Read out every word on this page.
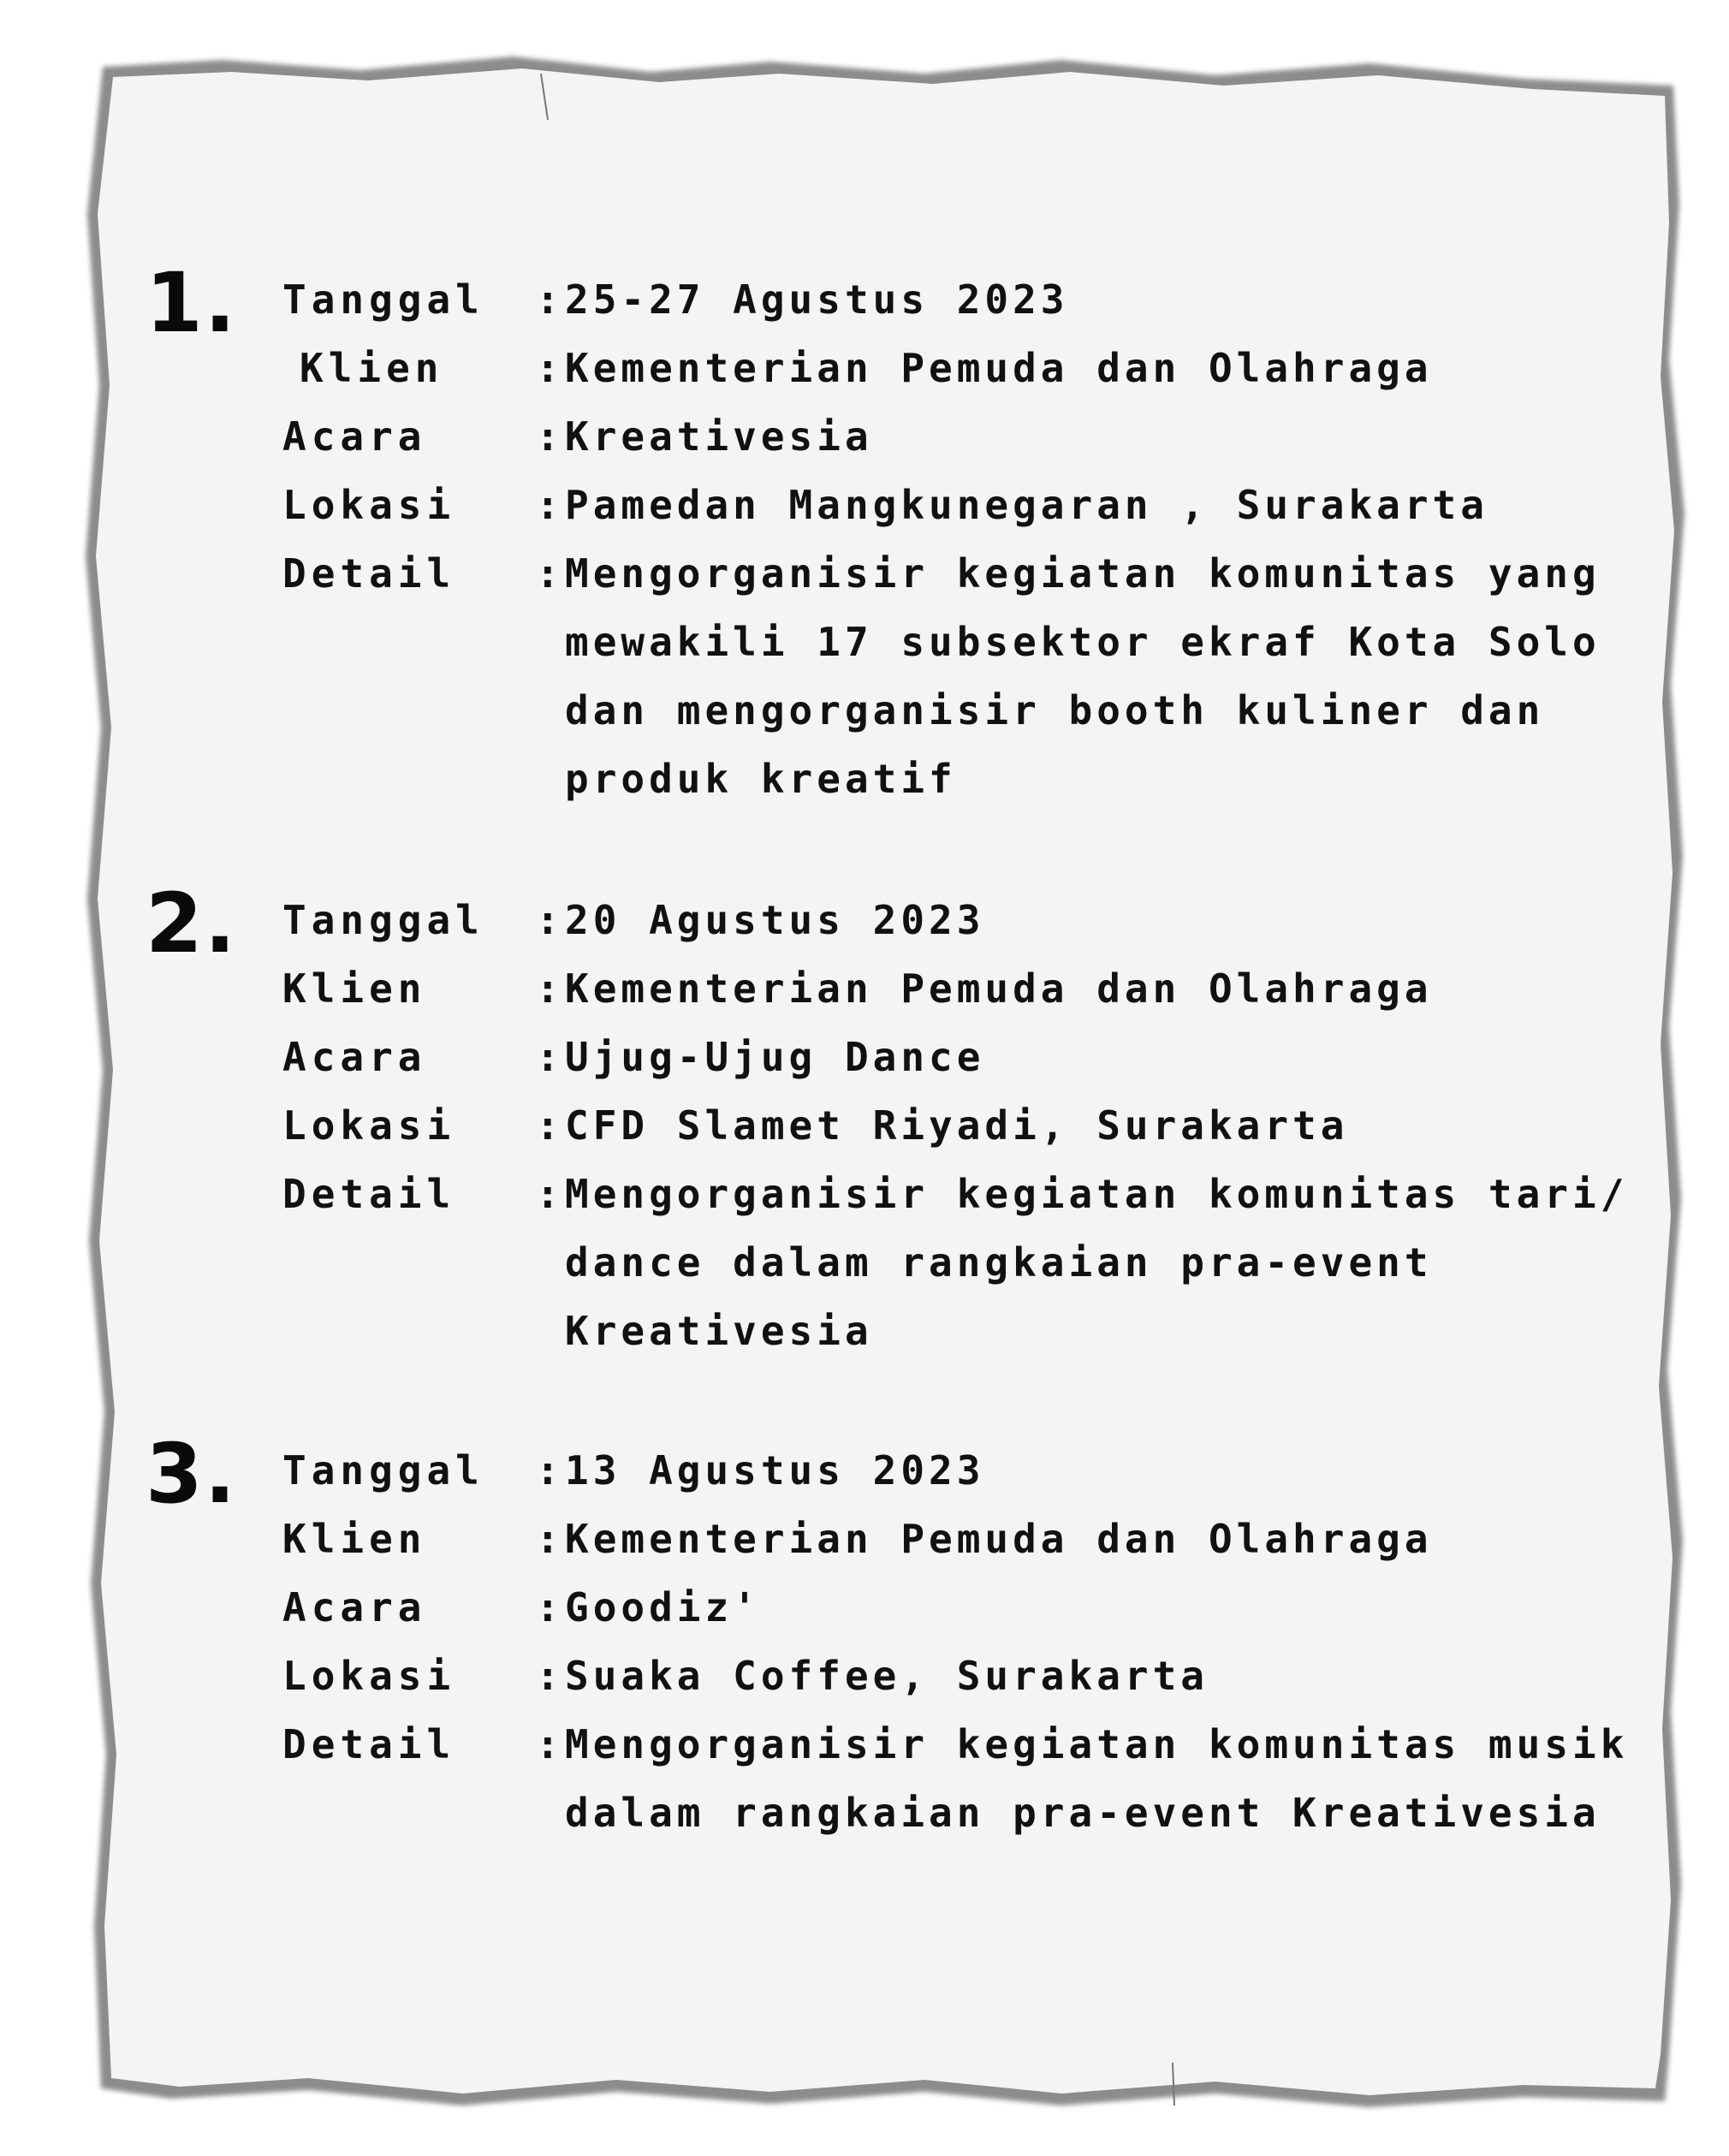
1. Tanggal : 25-27 Agustus 2023
Klien : Kementerian Pemuda dan Olahraga
Acara	: Kreativesia
Lokasi : Pamedan Mangkunegaran , Surakarta
Detail : Mengorganisir kegiatan komunitas yang
mewakili 17 subsektor ekraf Kota Solo
dan mengorganisir booth kuliner dan
produk kreatif
2. Tanggal : 20 Agustus 2023
Klien	: Kementerian Pemuda dan Olahraga
Acara	: Ujug-Ujug Dance
Lokasi : CFD Slamet Riyadi, Surakarta
Detail : Mengorganisir kegiatan komunitas tari/
dance dalam rangkaian pra-event
Kreativesia
3. Tanggal : 13 Agustus 2023
Klien	: Kementerian Pemuda dan Olahraga
Acara	: Goodiz'
Lokasi : Suaka Coffee, Surakarta
Detail : Mengorganisir kegiatan komunitas musik
dalam rangkaian pra-event Kreativesia
